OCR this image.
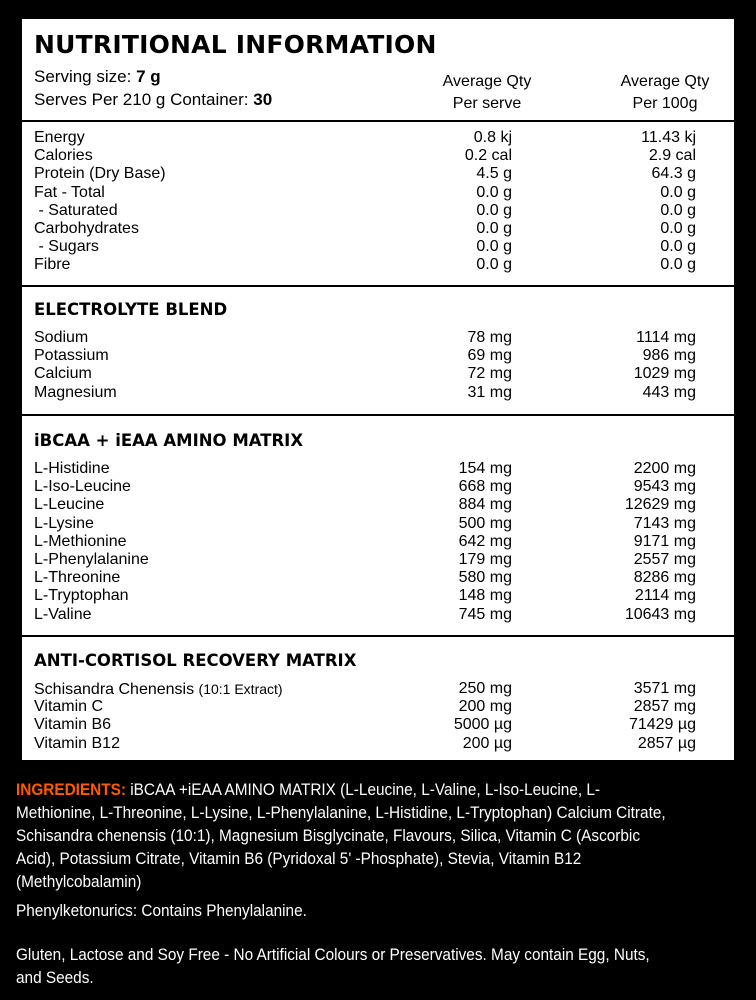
NUTRITIONAL INFORMATION
Serving size: 7 g
Serves Per 210 g Container: 30
Average Qty
Per serve
Average Qty
Per 100g
Energy	0.8 kj	11.43 kj
Calories	0.2 cal	2.9 cal
Protein (Dry Base)	4.5 g	64.3 g
Fat - Total	0.0 g	0.0 g
- Saturated	0.0 g	0.0 g
Carbohydrates	0.0 g	0.0 g
- Sugars	0.0 g	0.0 g
Fibre	0.0 g	0.0 g
ELECTROLYTE BLEND
Sodium	78 mg	1114 mg
Potassium	69 mg	986 mg
Calcium	72 mg	1029 mg
Magnesium	31 mg	443 mg
iBCAA + iEAA AMINO MATRIX
L-Histidine	154 mg	2200 mg
L-Iso-Leucine	668 mg	9543 mg
L-Leucine	884 mg	12629 mg
L-Lysine	500 mg	7143 mg
L-Methionine	642 mg	9171 mg
L-Phenylalanine	179 mg	2557 mg
L-Threonine	580 mg	8286 mg
L-Tryptophan	148 mg	2114 mg
L-Valine	745 mg	10643 mg
ANTI-CORTISOL RECOVERY MATRIX
Schisandra Chenensis (10:1 Extract)	250 mg	3571 mg
Vitamin C	200 mg	2857 mg
Vitamin B6	5000 µg	71429 µg
Vitamin B12	200 µg	2857 µg
INGREDIENTS: iBCAA +iEAA AMINO MATRIX (L-Leucine, L-Valine, L-Iso-Leucine, L-Methionine, L-Threonine, L-Lysine, L-Phenylalanine, L-Histidine, L-Tryptophan) Calcium Citrate, Schisandra chenensis (10:1), Magnesium Bisglycinate, Flavours, Silica, Vitamin C (Ascorbic Acid), Potassium Citrate, Vitamin B6 (Pyridoxal 5' -Phosphate), Stevia, Vitamin B12 (Methylcobalamin)
Phenylketonurics: Contains Phenylalanine.
Gluten, Lactose and Soy Free - No Artificial Colours or Preservatives. May contain Egg, Nuts, and Seeds.
